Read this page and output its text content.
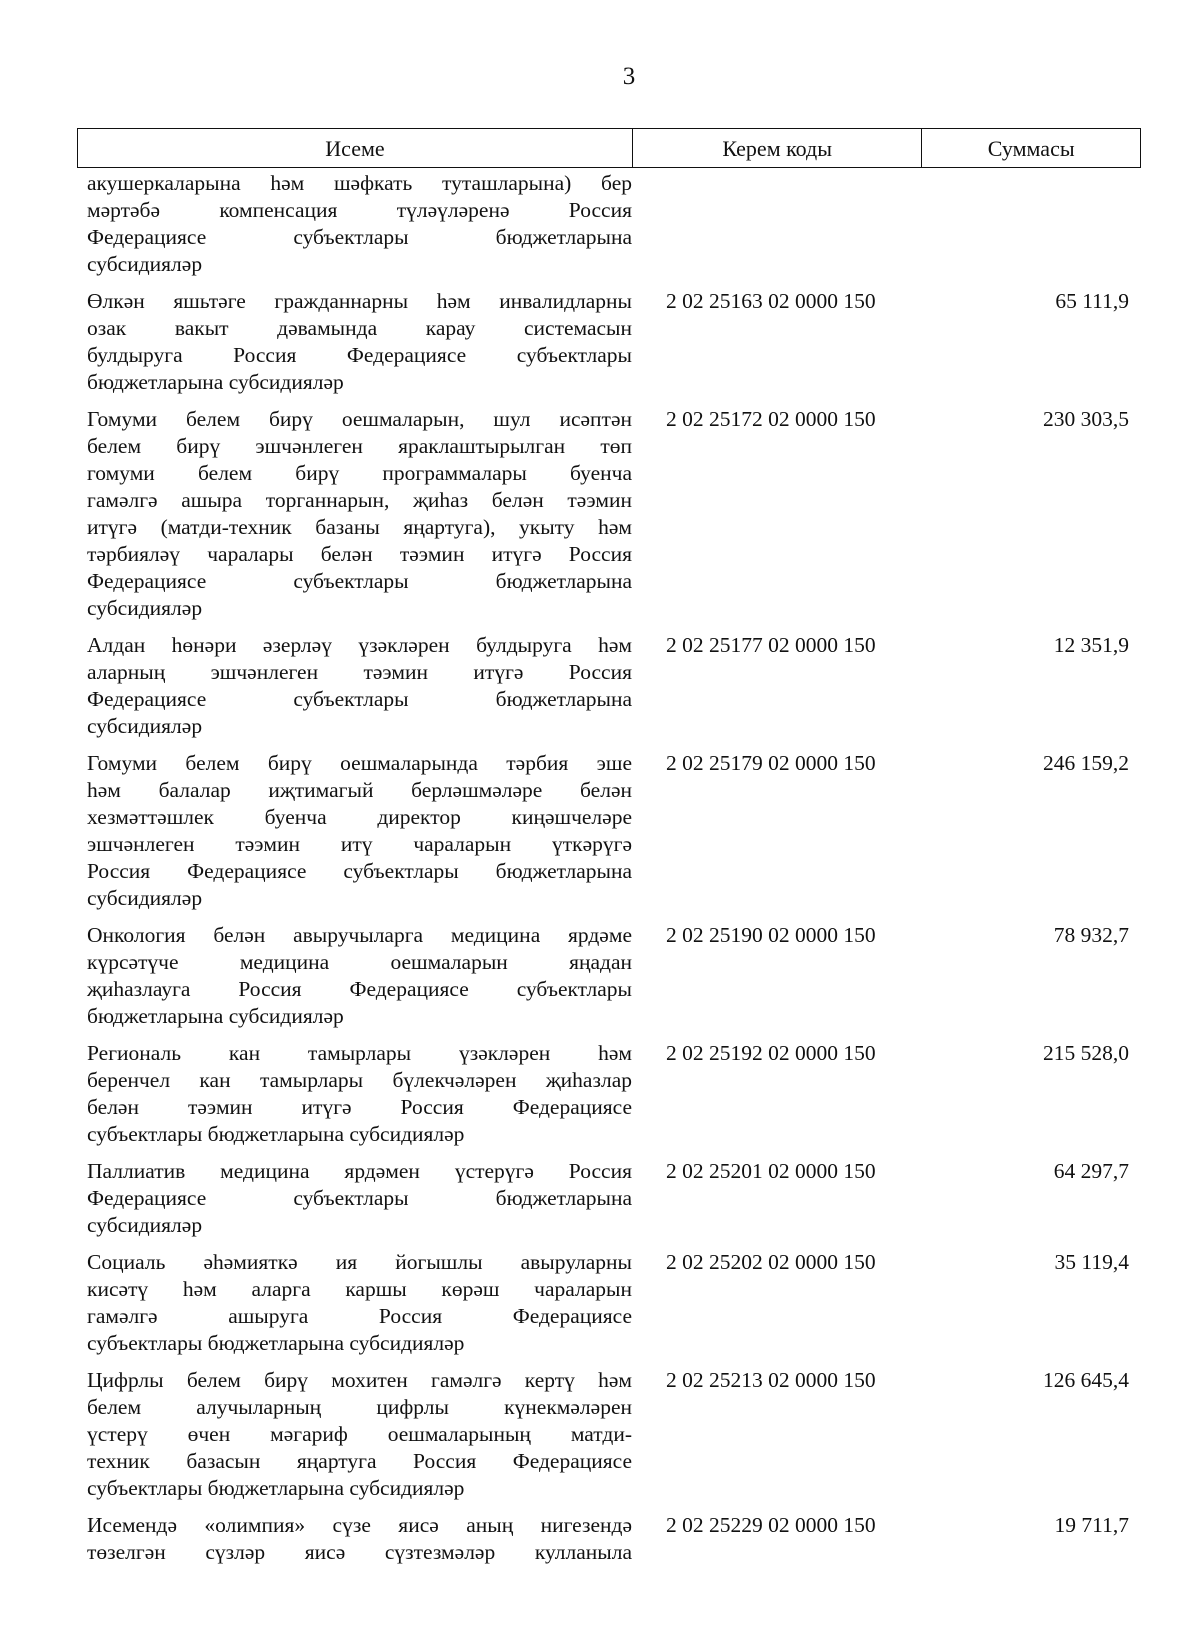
3
Исеме	Керем коды	Суммасы
акушеркаларына һәм шәфкать туташларына) бер
мәртәбә компенсация түләүләренә Россия
Федерациясе субъектлары бюджетларына
субсидияләр
Өлкән яшьтәге гражданнарны һәм инвалидларны
озак вакыт дәвамында карау системасын
булдыруга Россия Федерациясе субъектлары
бюджетларына субсидияләр
2 02 25163 02 0000 150	65 111,9
Гомуми белем бирү оешмаларын, шул исәптән
белем бирү эшчәнлеген яраклаштырылган төп
гомуми белем бирү программалары буенча
гамәлгә ашыра торганнарын, җиһаз белән тәэмин
итүгә (матди-техник базаны яңартуга), укыту һәм
тәрбияләү чаралары белән тәэмин итүгә Россия
Федерациясе субъектлары бюджетларына
субсидияләр
2 02 25172 02 0000 150	230 303,5
Алдан һөнәри әзерләү үзәкләрен булдыруга һәм
аларның эшчәнлеген тәэмин итүгә Россия
Федерациясе субъектлары бюджетларына
субсидияләр
2 02 25177 02 0000 150	12 351,9
Гомуми белем бирү оешмаларында тәрбия эше
һәм балалар иҗтимагый берләшмәләре белән
хезмәттәшлек буенча директор киңәшчеләре
эшчәнлеген тәэмин итү чараларын үткәрүгә
Россия Федерациясе субъектлары бюджетларына
субсидияләр
2 02 25179 02 0000 150	246 159,2
Онкология белән авыручыларга медицина ярдәме
күрсәтүче медицина оешмаларын яңадан
җиһазлауга Россия Федерациясе субъектлары
бюджетларына субсидияләр
2 02 25190 02 0000 150	78 932,7
Региональ кан тамырлары үзәкләрен һәм
беренчел кан тамырлары бүлекчәләрен җиһазлар
белән тәэмин итүгә Россия Федерациясе
субъектлары бюджетларына субсидияләр
2 02 25192 02 0000 150	215 528,0
Паллиатив медицина ярдәмен үстерүгә Россия
Федерациясе субъектлары бюджетларына
субсидияләр
2 02 25201 02 0000 150	64 297,7
Социаль әһәмияткә ия йогышлы авыруларны
кисәтү һәм аларга каршы көрәш чараларын
гамәлгә ашыруга Россия Федерациясе
субъектлары бюджетларына субсидияләр
2 02 25202 02 0000 150	35 119,4
Цифрлы белем бирү мохитен гамәлгә кертү һәм
белем алучыларның цифрлы күнекмәләрен
үстерү өчен мәгариф оешмаларының матди-
техник базасын яңартуга Россия Федерациясе
субъектлары бюджетларына субсидияләр
2 02 25213 02 0000 150	126 645,4
Исемендә «олимпия» сүзе яисә аның нигезендә
төзелгән сүзләр яисә сүзтезмәләр кулланыла
2 02 25229 02 0000 150	19 711,7
